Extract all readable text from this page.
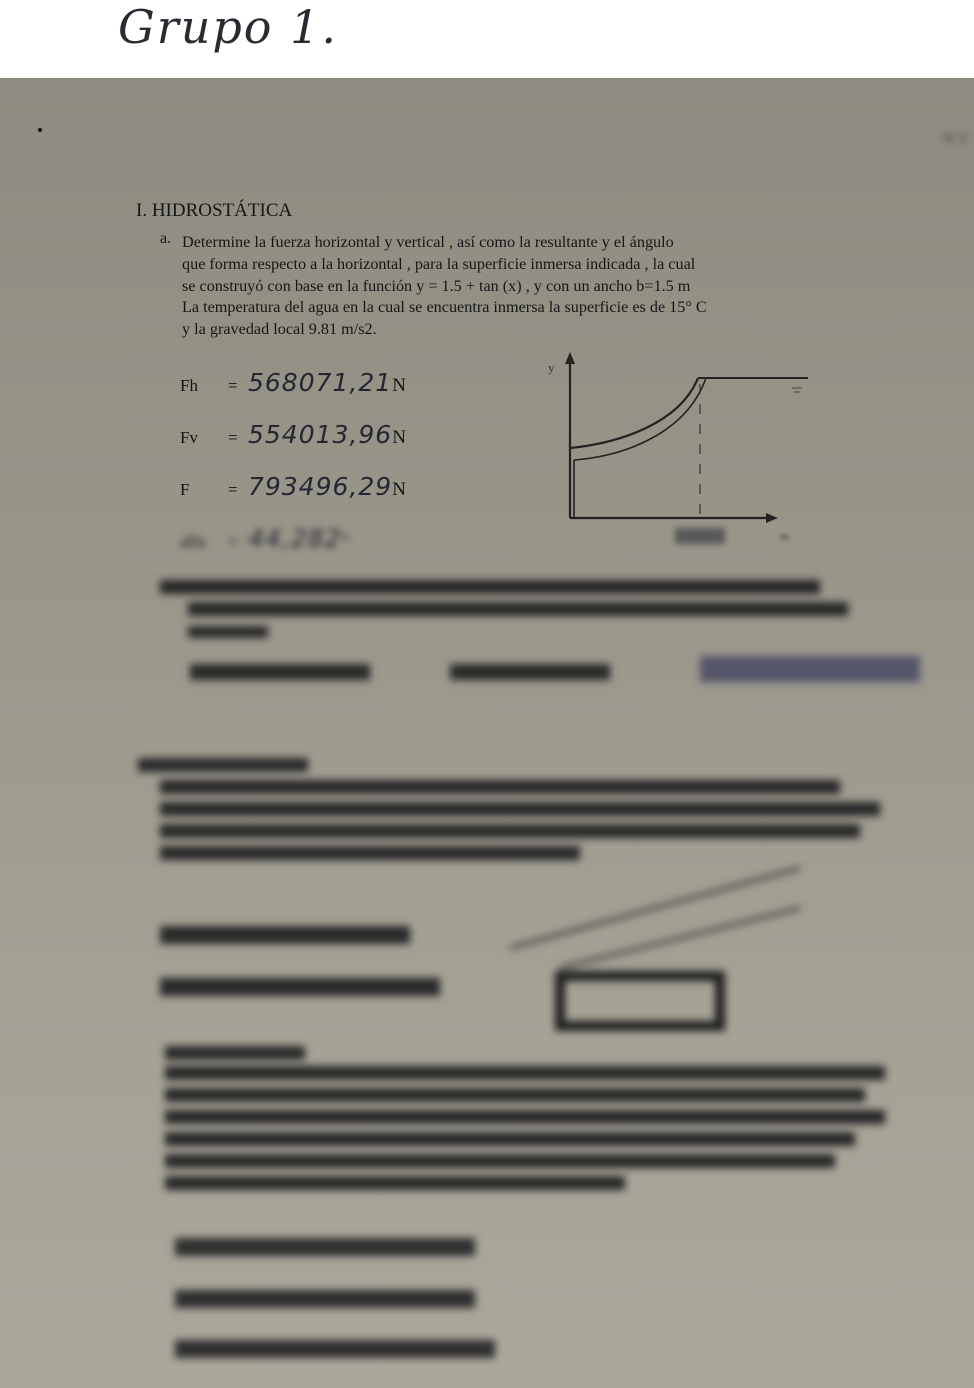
Grupo 1.
IR D
I. HIDROSTÁTICA
a. Determine la fuerza horizontal y vertical , así como la resultante y el ángulo

que forma respecto a la horizontal , para la superficie inmersa indicada , la cual

se construyó con base en la función y = 1.5 + tan (x) , y con un ancho b=1.5 m

La temperatura del agua en la cual se encuentra inmersa la superficie es de 15° C

y la gravedad local 9.81 m/s2.

Fh = 568071,21N
Fv = 554013,96N
F = 793496,29N
alfa = 44,282°
y
m
